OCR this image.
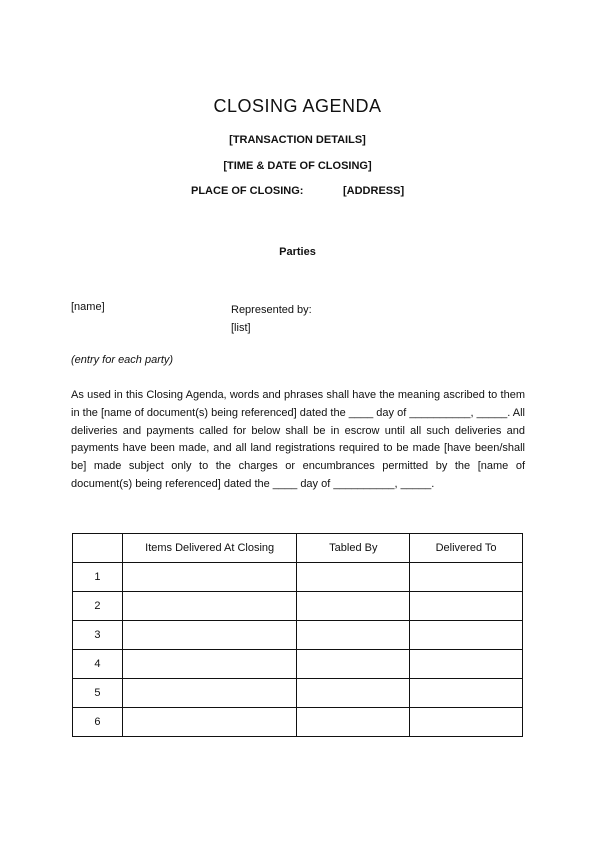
CLOSING AGENDA
[TRANSACTION DETAILS]
[TIME & DATE OF CLOSING]
PLACE OF CLOSING:	[ADDRESS]
Parties
[name]	Represented by:
[list]
(entry for each party)
As used in this Closing Agenda, words and phrases shall have the meaning ascribed to them in the [name of document(s) being referenced] dated the ____ day of __________, _____. All deliveries and payments called for below shall be in escrow until all such deliveries and payments have been made, and all land registrations required to be made [have been/shall be] made subject only to the charges or encumbrances permitted by the [name of document(s) being referenced] dated the ____ day of __________, _____.
	Items Delivered At Closing	Tabled By	Delivered To
1			
2			
3			
4			
5			
6			
